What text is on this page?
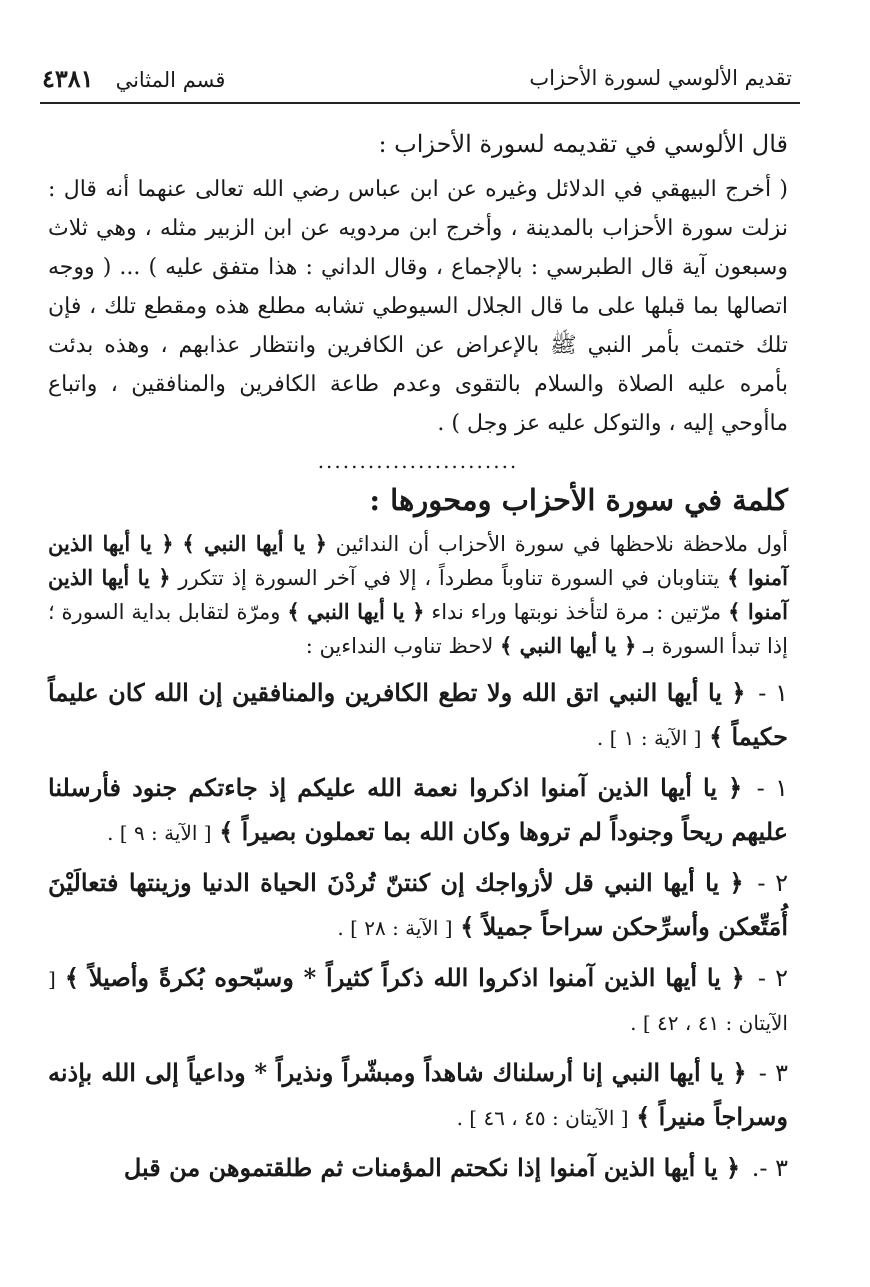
تقديم الألوسي لسورة الأحزاب
قسم المثاني
٤٣٨١
قال الألوسي في تقديمه لسورة الأحزاب :

( أخرج البيهقي في الدلائل وغيره عن ابن عباس رضي الله تعالى عنهما أنه قال : نزلت سورة الأحزاب بالمدينة ، وأخرج ابن مردويه عن ابن الزبير مثله ، وهي ثلاث وسبعون آية قال الطبرسي : بالإجماع ، وقال الداني : هذا متفق عليه ) ... ( ووجه اتصالها بما قبلها على ما قال الجلال السيوطي تشابه مطلع هذه ومقطع تلك ، فإن تلك ختمت بأمر النبي ﷺ بالإعراض عن الكافرين وانتظار عذابهم ، وهذه بدئت بأمره عليه الصلاة والسلام بالتقوى وعدم طاعة الكافرين والمنافقين ، واتباع ماأوحي إليه ، والتوكل عليه عز وجل ) .

........................
كلمة في سورة الأحزاب ومحورها :

أول ملاحظة نلاحظها في سورة الأحزاب أن الندائين ﴿ يا أيها النبي ﴾ ﴿ يا أيها الذين آمنوا ﴾ يتناوبان في السورة تناوباً مطرداً ، إلا في آخر السورة إذ تتكرر ﴿ يا أيها الذين آمنوا ﴾ مرّتين : مرة لتأخذ نوبتها وراء نداء ﴿ يا أيها النبي ﴾ ومرّة لتقابل بداية السورة ؛ إذا تبدأ السورة بـ ﴿ يا أيها النبي ﴾ لاحظ تناوب النداءين :

١ - ﴿ يا أيها النبي اتق الله ولا تطع الكافرين والمنافقين إن الله كان عليماً حكيماً ﴾ [ الآية : ١ ] .

١ - ﴿ يا أيها الذين آمنوا اذكروا نعمة الله عليكم إذ جاءتكم جنود فأرسلنا عليهم ريحاً وجنوداً لم تروها وكان الله بما تعملون بصيراً ﴾ [ الآية : ٩ ] .

٢ - ﴿ يا أيها النبي قل لأزواجك إن كنتنّ تُردْنَ الحياة الدنيا وزينتها فتعالَيْنَ أُمَتِّعكن وأسرِّحكن سراحاً جميلاً ﴾ [ الآية : ٢٨ ] .

٢ - ﴿ يا أيها الذين آمنوا اذكروا الله ذكراً كثيراً * وسبّحوه بُكرةً وأصيلاً ﴾ [ الآيتان : ٤١ ، ٤٢ ] .

٣ - ﴿ يا أيها النبي إنا أرسلناك شاهداً ومبشّراً ونذيراً * وداعياً إلى الله بإذنه وسراجاً منيراً ﴾ [ الآيتان : ٤٥ ، ٤٦ ] .

٣ -. ﴿ يا أيها الذين آمنوا إذا نكحتم المؤمنات ثم طلقتموهن من قبل
